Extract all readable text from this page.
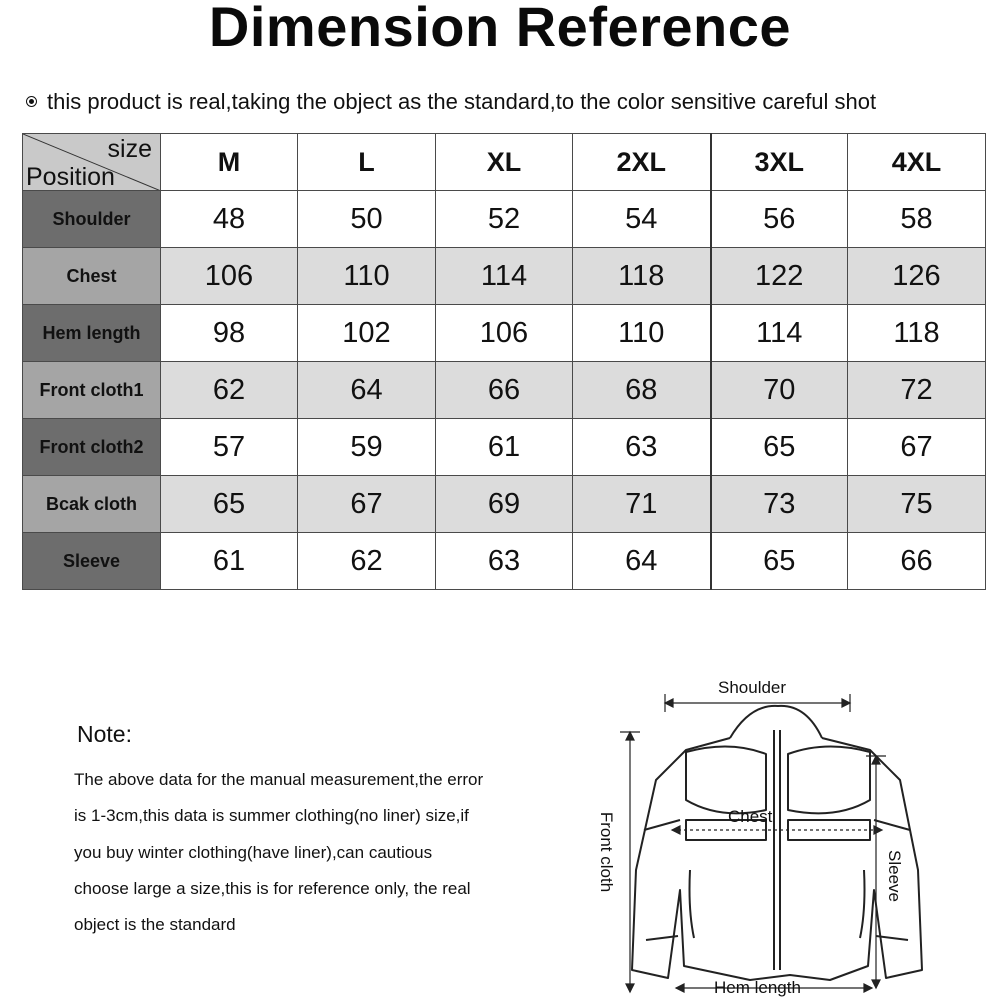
Dimension Reference
this product is real,taking the object as the standard,to the color sensitive careful shot
size
Position	M	L	XL	2XL	3XL	4XL
Shoulder	48	50	52	54	56	58
Chest	106	110	114	118	122	126
Hem length	98	102	106	110	114	118
Front cloth1	62	64	66	68	70	72
Front cloth2	57	59	61	63	65	67
Bcak cloth	65	67	69	71	73	75
Sleeve	61	62	63	64	65	66
Note:
The above data for the manual measurement,the error
is 1-3cm,this data is summer clothing(no liner) size,if
you buy winter clothing(have liner),can cautious
choose large a size,this is for reference only, the real
object is the standard
Shoulder
Chest
Front cloth	Sleeve
Hem length
